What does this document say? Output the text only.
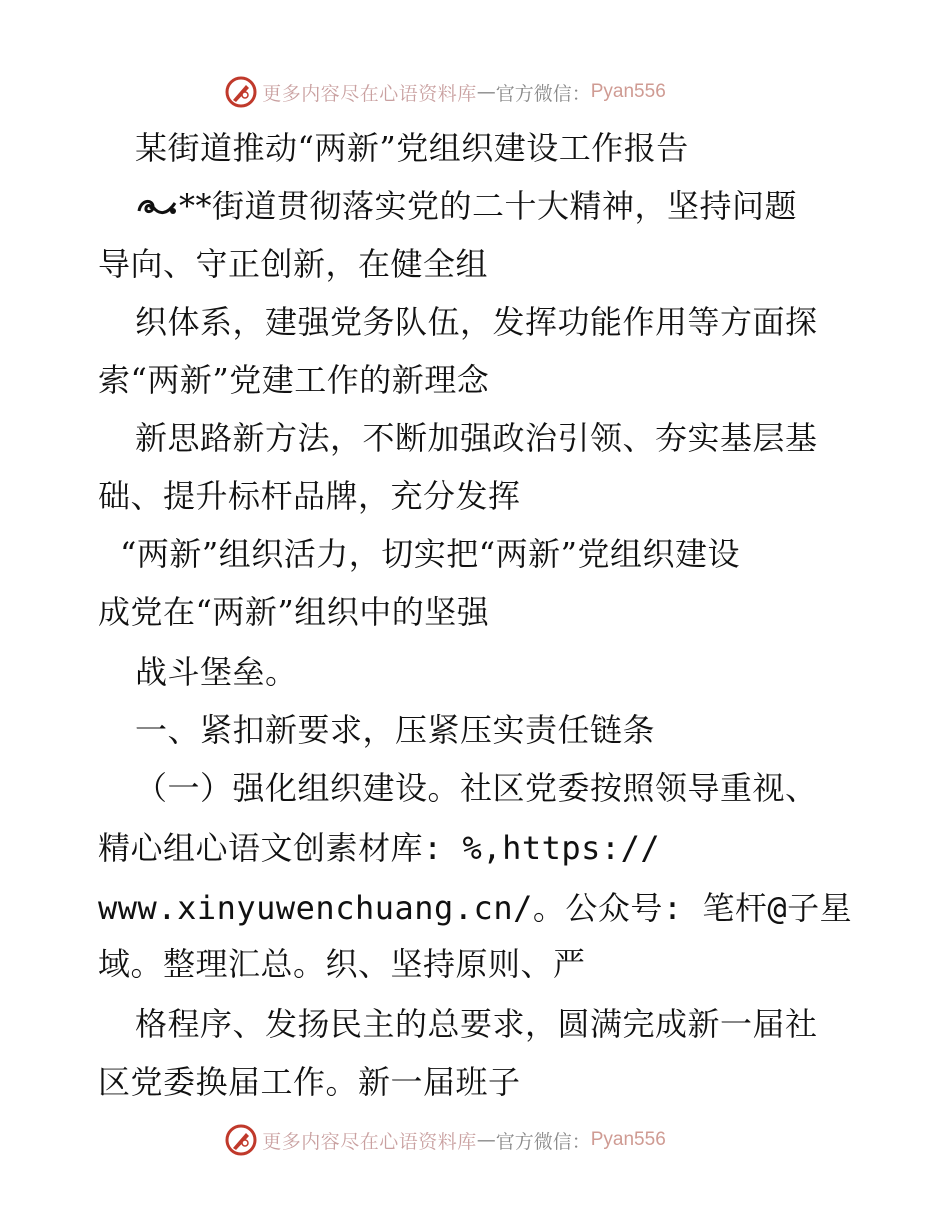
更多内容尽在心语资料库 — 官方微信： Pyan556
某街道推动“两新”党组织建设工作报告
**街道贯彻落实党的二十大精神，坚持问题
导向、守正创新，在健全组
织体系，建强党务队伍，发挥功能作用等方面探
索“两新”党建工作的新理念
新思路新方法，不断加强政治引领、夯实基层基
础、提升标杆品牌，充分发挥
“两新”组织活力，切实把“两新”党组织建设
成党在“两新”组织中的坚强
战斗堡垒。
一、紧扣新要求，压紧压实责任链条
（一）强化组织建设。社区党委按照领导重视、
精心组心语文创素材库: %,https://
www.xinyuwenchuang.cn/。公众号: 笔杆@子星
域。整理汇总。织、坚持原则、严
格程序、发扬民主的总要求，圆满完成新一届社
区党委换届工作。新一届班子
更多内容尽在心语资料库 — 官方微信： Pyan556
